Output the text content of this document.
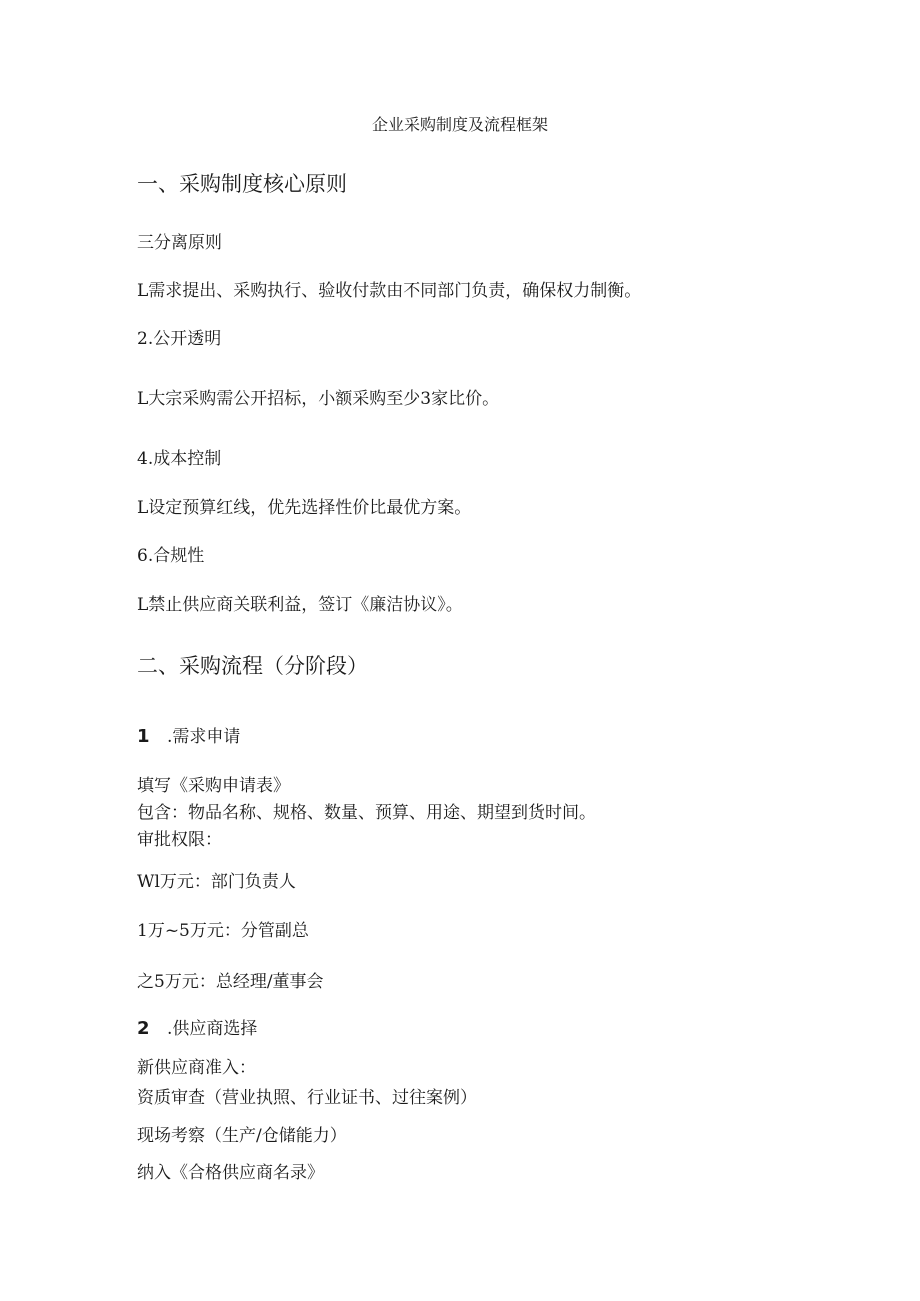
企业采购制度及流程框架
一、采购制度核心原则
三分离原则
L需求提出、采购执行、验收付款由不同部门负责，确保权力制衡。
2.公开透明
L大宗采购需公开招标，小额采购至少3家比价。
4.成本控制
L设定预算红线，优先选择性价比最优方案。
6.合规性
L禁止供应商关联利益，签订《廉洁协议》。
二、采购流程（分阶段）
1 .需求申请
填写《采购申请表》
包含：物品名称、规格、数量、预算、用途、期望到货时间。
审批权限：
Wl万元：部门负责人
1万~5万元：分管副总
之5万元：总经理/董事会
2 .供应商选择
新供应商准入：
资质审查（营业执照、行业证书、过往案例）
现场考察（生产/仓储能力）
纳入《合格供应商名录》
